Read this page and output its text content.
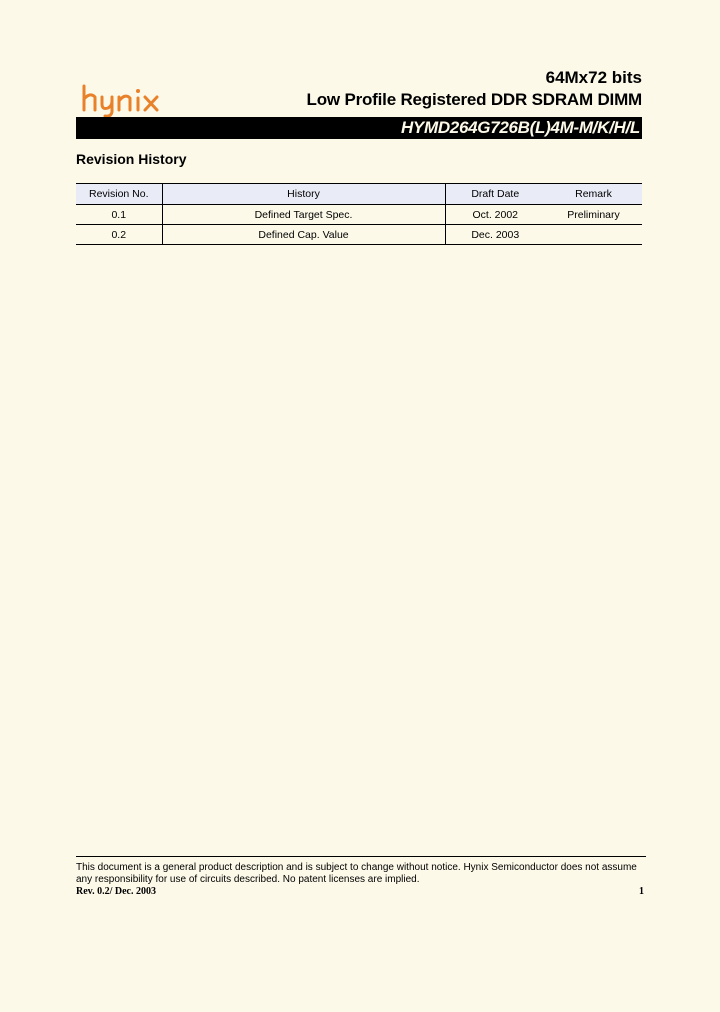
64Mx72 bits
Low Profile Registered DDR SDRAM DIMM
HYMD264G726B(L)4M-M/K/H/L
Revision History
Revision No.	History	Draft Date	Remark
0.1	Defined Target Spec.	Oct. 2002	Preliminary
0.2	Defined Cap. Value	Dec. 2003	
This document is a general product description and is subject to change without notice. Hynix Semiconductor does not assume any responsibility for use of circuits described. No patent licenses are implied.
Rev. 0.2/ Dec. 2003	1
